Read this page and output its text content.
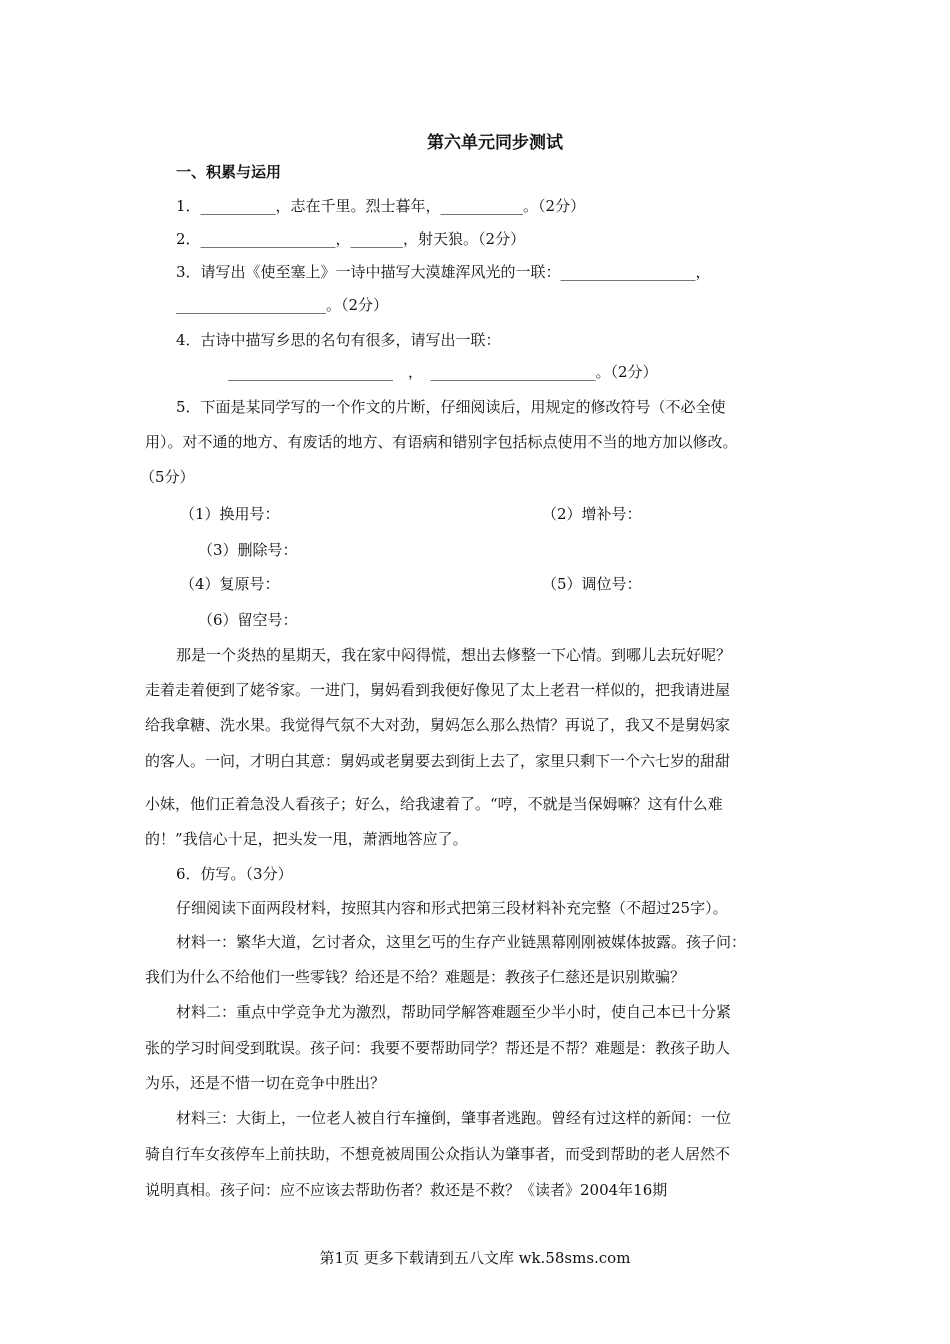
第六单元同步测试
一、积累与运用
1．__________，志在千里。烈士暮年，___________。（2分）
2．__________________，_______，射天狼。（2分）
3．请写出《使至塞上》一诗中描写大漠雄浑风光的一联：__________________，
____________________。（2分）
4．古诗中描写乡思的名句有很多，请写出一联：
______________________　，　______________________。（2分）
5．下面是某同学写的一个作文的片断，仔细阅读后，用规定的修改符号（不必全使
用）。对不通的地方、有废话的地方、有语病和错别字包括标点使用不当的地方加以修改。
（5分）
（1）换用号：	（2）增补号：
（3）删除号：
（4）复原号：	（5）调位号：
（6）留空号：
那是一个炎热的星期天，我在家中闷得慌，想出去修整一下心情。到哪儿去玩好呢？
走着走着便到了姥爷家。一进门，舅妈看到我便好像见了太上老君一样似的，把我请进屋
给我拿糖、洗水果。我觉得气氛不大对劲，舅妈怎么那么热情？再说了，我又不是舅妈家
的客人。一问，才明白其意：舅妈或老舅要去到街上去了，家里只剩下一个六七岁的甜甜
小妹，他们正着急没人看孩子；好么，给我逮着了。“哼，不就是当保姆嘛？这有什么难
的！”我信心十足，把头发一甩，萧洒地答应了。
6．仿写。（3分）
仔细阅读下面两段材料，按照其内容和形式把第三段材料补充完整（不超过25字）。
材料一：繁华大道，乞讨者众，这里乞丐的生存产业链黑幕刚刚被媒体披露。孩子问：
我们为什么不给他们一些零钱？给还是不给？难题是：教孩子仁慈还是识别欺骗？
材料二：重点中学竞争尤为激烈，帮助同学解答难题至少半小时，使自己本已十分紧
张的学习时间受到耽误。孩子问：我要不要帮助同学？帮还是不帮？难题是：教孩子助人
为乐，还是不惜一切在竞争中胜出？
材料三：大街上，一位老人被自行车撞倒，肇事者逃跑。曾经有过这样的新闻：一位
骑自行车女孩停车上前扶助，不想竟被周围公众指认为肇事者，而受到帮助的老人居然不
说明真相。孩子问：应不应该去帮助伤者？救还是不救？《读者》2004年16期
第1页 更多下载请到五八文库 wk.58sms.com
